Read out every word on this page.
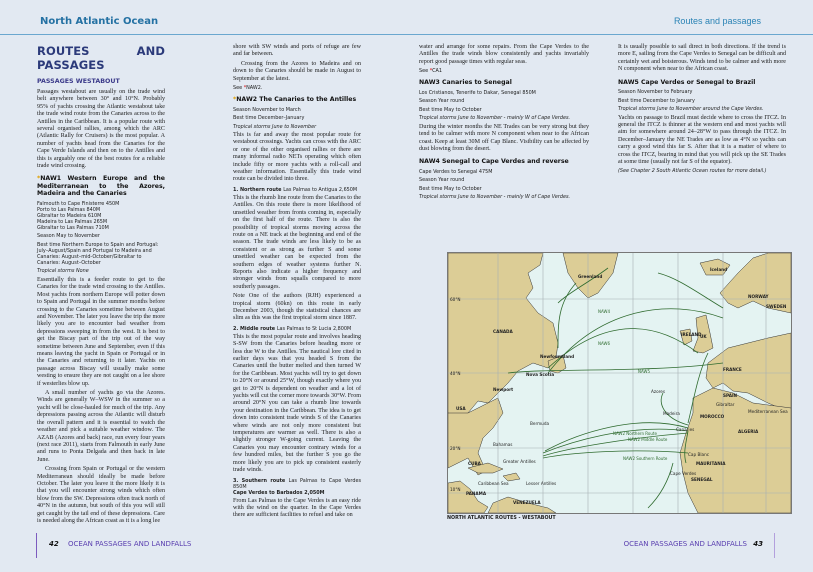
North Atlantic Ocean	Routes and passages
ROUTES AND PASSAGES
PASSAGES WESTABOUT

Passages westabout are usually on the trade wind belt anywhere between 30° and 10°N. Probably 95% of yachts crossing the Atlantic westabout take the trade wind route from the Canaries across to the Antilles in the Caribbean. It is a popular route with several organised rallies, among which the ARC (Atlantic Rally for Cruisers) is the most popular. A number of yachts head from the Canaries for the Cape Verde Islands and then on to the Antilles and this is arguably one of the best routes for a reliable trade wind crossing.

*NAW1 Western Europe and the Mediterranean to the Azores, Madeira and the Canaries
Falmouth to Cape Finisterre 450M
Porto to Las Palmas 840M
Gibraltar to Madeira 610M
Madeira to Las Palmas 265M
Gibraltar to Las Palmas 710M
Season May to November
Best time Northern Europe to Spain and Portugal: July–August/Spain and Portugal to Madeira and Canaries: August–mid-October/Gibraltar to Canaries: August–October
Tropical storms None

Essentially this is a feeder route to get to the Canaries for the trade wind crossing to the Antilles. Most yachts from northern Europe will potter down to Spain and Portugal in the summer months before crossing to the Canaries sometime between August and November. The later you leave the trip the more likely you are to encounter bad weather from depressions sweeping in from the west. It is best to get the Biscay part of the trip out of the way sometime between June and September, even if this means leaving the yacht in Spain or Portugal or in the Canaries and returning to it later. Yachts on passage across Biscay will usually make some westing to ensure they are not caught on a lee shore if westerlies blow up.

A small number of yachts go via the Azores. Winds are generally W–WSW in the summer so a yacht will be close-hauled for much of the trip. Any depressions passing across the Atlantic will disturb the overall pattern and it is essential to watch the weather and pick a suitable weather window. The AZAB (Azores and back) race, run every four years (next race 2011), starts from Falmouth in early June and runs to Ponta Delgada and then back in late June.

Crossing from Spain or Portugal or the western Mediterranean should ideally be made before October. The later you leave it the more likely it is that you will encounter strong winds which often blow from the SW. Depressions often track north of 40°N in the autumn, but south of this you will still get caught by the tail end of these depressions. Care is needed along the African coast as it is a long lee

shore with SW winds and ports of refuge are few and far between.

Crossing from the Azores to Madeira and on down to the Canaries should be made in August to September at the latest.

See *NAW2.
*NAW2 The Canaries to the Antilles
Season November to March
Best time December–January
Tropical storms June to November

This is far and away the most popular route for westabout crossings. Yachts can cross with the ARC or one of the other organised rallies or there are many informal radio NETs operating which often include fifty or more yachts with a roll-call and weather information. Essentially this trade wind route can be divided into three.

1. Northern route Las Palmas to Antigua 2,650M

This is the rhumb line route from the Canaries to the Antilles. On this route there is more likelihood of unsettled weather from fronts coming in, especially on the first half of the route. There is also the possibility of tropical storms moving across the route on a NE track at the beginning and end of the season. The trade winds are less likely to be as consistent or as strong as further S and some unsettled weather can be expected from the southern edges of weather systems further N. Reports also indicate a higher frequency and stronger winds from squalls compared to more southerly passages.

Note One of the authors (RJH) experienced a tropical storm (60kn) on this route in early December 2003, though the statistical chances are slim as this was the first tropical storm since 1887.

2. Middle route Las Palmas to St Lucia 2,800M

This is the most popular route and involves heading S-SW from the Canaries before heading more or less due W to the Antilles. The nautical lore cited in earlier days was that you headed S from the Canaries until the butter melted and then turned W for the Caribbean. Most yachts will try to get down to 20°N or around 25°W, though exactly where you get to 20°N is dependent on weather and a lot of yachts will cut the corner more towards 30°W. From around 20°N you can take a rhumb line towards your destination in the Caribbean. The idea is to get down into consistent trade winds S of the Canaries where winds are not only more consistent but temperatures are warmer as well. There is also a slightly stronger W-going current. Leaving the Canaries you may encounter contrary winds for a few hundred miles, but the further S you go the more likely you are to pick up consistent easterly trade winds.

3. Southern route Las Palmas to Cape Verdes 850M
Cape Verdes to Barbados 2,050M

From Las Palmas to the Cape Verdes is an easy ride with the wind on the quarter. In the Cape Verdes there are sufficient facilities to refuel and take on

water and arrange for some repairs. From the Cape Verdes to the Antilles the trade winds blow consistently and yachts invariably report good passage times with regular seas.

See *CA1
NAW3 Canaries to Senegal
Los Cristianos, Tenerife to Dakar, Senegal 850M
Season Year round
Best time May to October
Tropical storms June to November - mainly W of Cape Verdes.

During the winter months the NE Trades can be very strong but they tend to be calmer with more N component when near to the African coast. Keep at least 30M off Cap Blanc. Visibility can be affected by dust blowing from the desert.

NAW4 Senegal to Cape Verdes and reverse
Cape Verdes to Senegal 475M
Season Year round
Best time May to October
Tropical storms June to November - mainly W of Cape Verdes.

It is usually possible to sail direct in both directions. If the trend is more E, sailing from the Cape Verdes to Senegal can be difficult and certainly wet and boisterous. Winds tend to be calmer and with more N component when near to the African coast.

NAW5 Cape Verdes or Senegal to Brazil
Season November to February
Best time December to January
Tropical storms June to November around the Cape Verdes.

Yachts on passage to Brazil must decide where to cross the ITCZ. In general the ITCZ is thinner at the western end and most yachts will aim for somewhere around 24–28°W to pass through the ITCZ. In December–January the NE Trades are as low as 4°N so yachts can carry a good wind this far S. After that it is a matter of where to cross the ITCZ, bearing in mind that you will pick up the SE Trades at some time (usually not far S of the equator).

(See Chapter 2 South Atlantic Ocean routes for more detail.)
Greenland
Iceland
CANADA
Newfoundland
Nova Scotia
Newport
USA
Bermuda
Bahamas
CUBA	Greater Antilles
Lesser Antilles
Caribbean Sea
PANAMA
VENEZUELA
NORWAY
SWEDEN
UK
IRELAND
FRANCE
SPAIN
Gibraltar
Mediterranean Sea
Azores
Madeira
Canaries
MOROCCO
ALGERIA
Cap Blanc
MAURITANIA
Cape Verdes
SENEGAL
NAW2 Middle Route
NAW2 Northern Route
NAW2 Southern Route
NAW5
NAW6
NAW4
60°N
40°N
20°N
10°N
NORTH ATLANTIC ROUTES - WESTABOUT
42 OCEAN PASSAGES AND LANDFALLS	OCEAN PASSAGES AND LANDFALLS 43
